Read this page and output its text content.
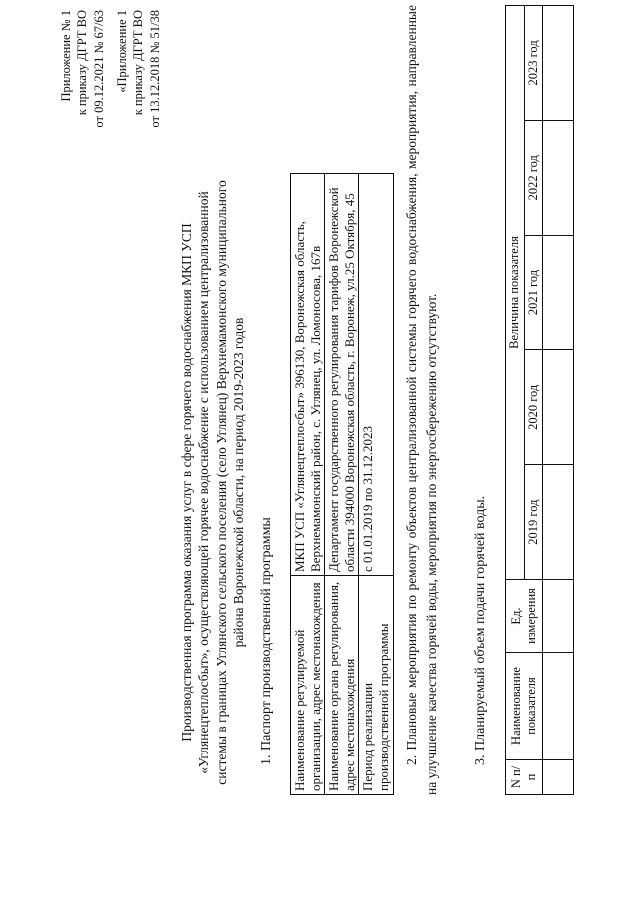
Приложение № 1 к приказу ДГРТ ВО от 09.12.2021 № 67/63 «Приложение 1 к приказу ДГРТ ВО от 13.12.2018 № 51/38
Производственная программа оказания услуг в сфере горячего водоснабжения МКП УСП «Углянецтеплосбыт», осуществляющей горячее водоснабжение с использованием централизованной системы в границах Углянского сельского поселения (село Углянец) Верхнемамонского муниципального района Воронежской области, на период 2019-2023 годов 1. Паспорт производственной программы Наименование регулируемой организации, адрес местонахождения	МКП УСП «Углянецтеплосбыт» 396130, Воронежская область, Верхнемамонский район, с. Углянец, ул. Ломоносова, 167в
Наименование органа регулирования, адрес местонахождения	Департамент государственного регулирования тарифов Воронежской области 394000 Воронежская область, г. Воронеж, ул.25 Октября, 45
Период реализации производственной программы	с 01.01.2019 по 31.12.2023 2. Плановые мероприятия по ремонту объектов централизованной системы горячего водоснабжения, мероприятия, направленные на улучшение качества горячей воды, мероприятия по энергосбережению отсутствуют. 3. Планируемый объем подачи горячей воды.
N п/п	Наименование показателя	Ед. измерения	Величина показателя				
			2019 год	2020 год	2021 год	2022 год	2023 год
